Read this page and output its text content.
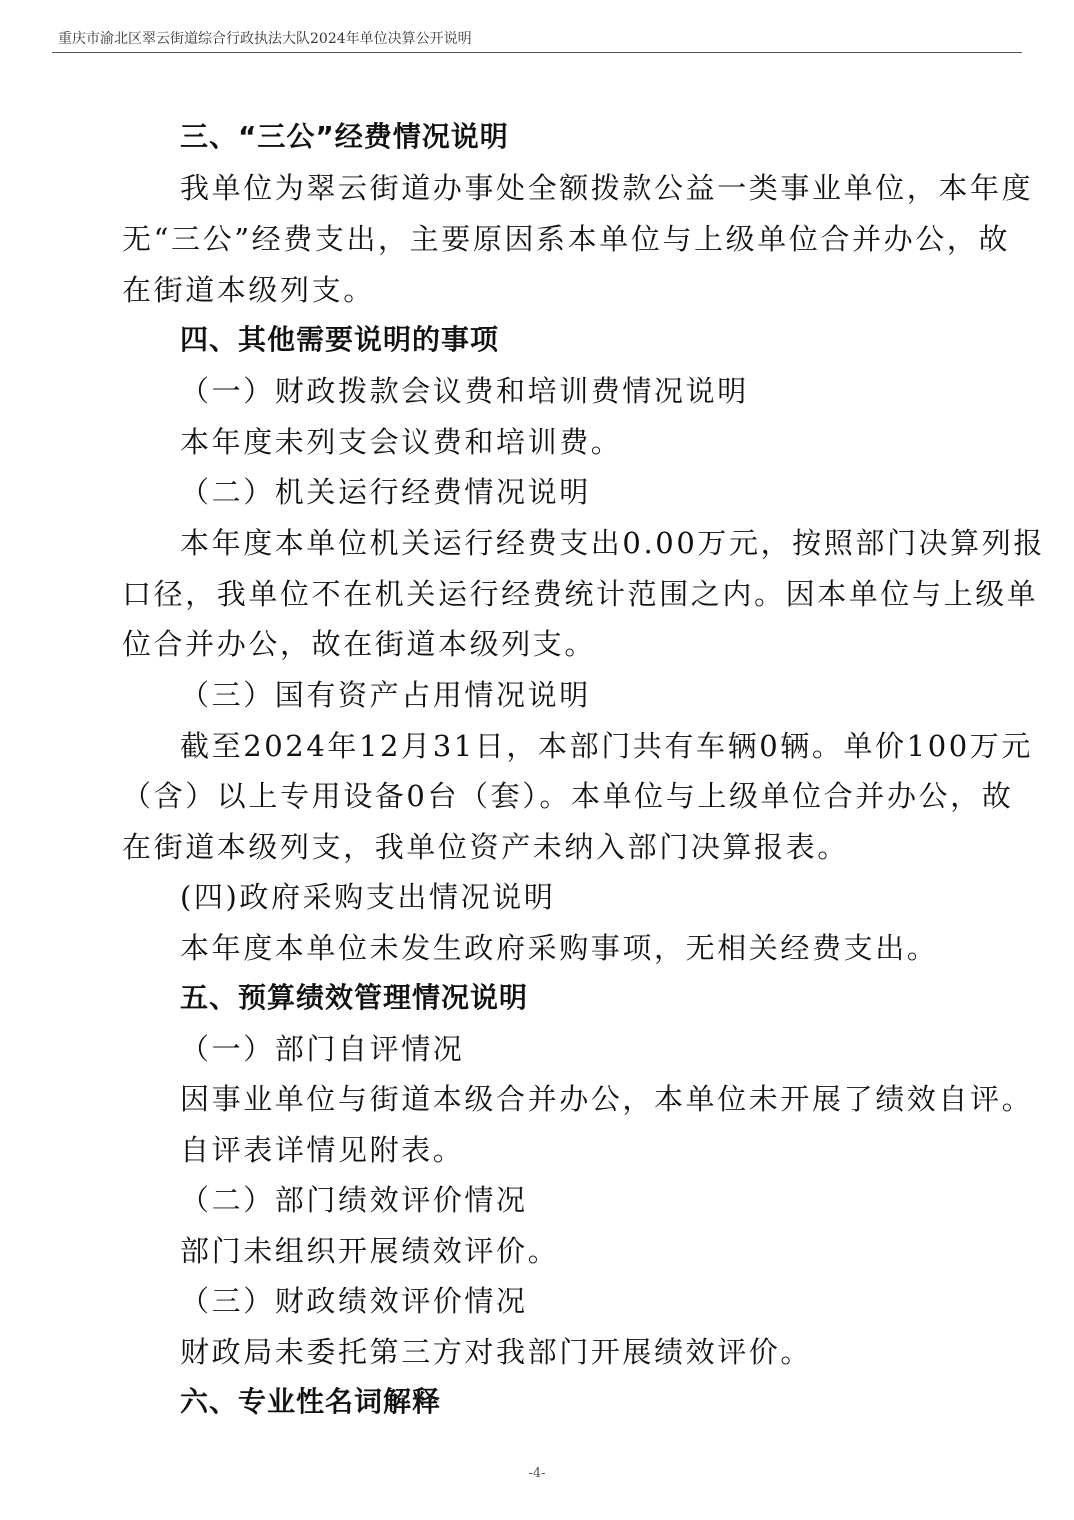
重庆市渝北区翠云街道综合行政执法大队2024年单位决算公开说明
三、“三公”经费情况说明
我单位为翠云街道办事处全额拨款公益一类事业单位，本年度
无“三公”经费支出，主要原因系本单位与上级单位合并办公，故
在街道本级列支。
四、其他需要说明的事项
（一）财政拨款会议费和培训费情况说明
本年度未列支会议费和培训费。
（二）机关运行经费情况说明
本年度本单位机关运行经费支出0.00万元，按照部门决算列报
口径，我单位不在机关运行经费统计范围之内。因本单位与上级单
位合并办公，故在街道本级列支。
（三）国有资产占用情况说明
截至2024年12月31日，本部门共有车辆0辆。单价100万元
（含）以上专用设备0台（套）。本单位与上级单位合并办公，故
在街道本级列支，我单位资产未纳入部门决算报表。
(四)政府采购支出情况说明
本年度本单位未发生政府采购事项，无相关经费支出。
五、预算绩效管理情况说明
（一）部门自评情况
因事业单位与街道本级合并办公，本单位未开展了绩效自评。
自评表详情见附表。
（二）部门绩效评价情况
部门未组织开展绩效评价。
（三）财政绩效评价情况
财政局未委托第三方对我部门开展绩效评价。
六、专业性名词解释
-4-
